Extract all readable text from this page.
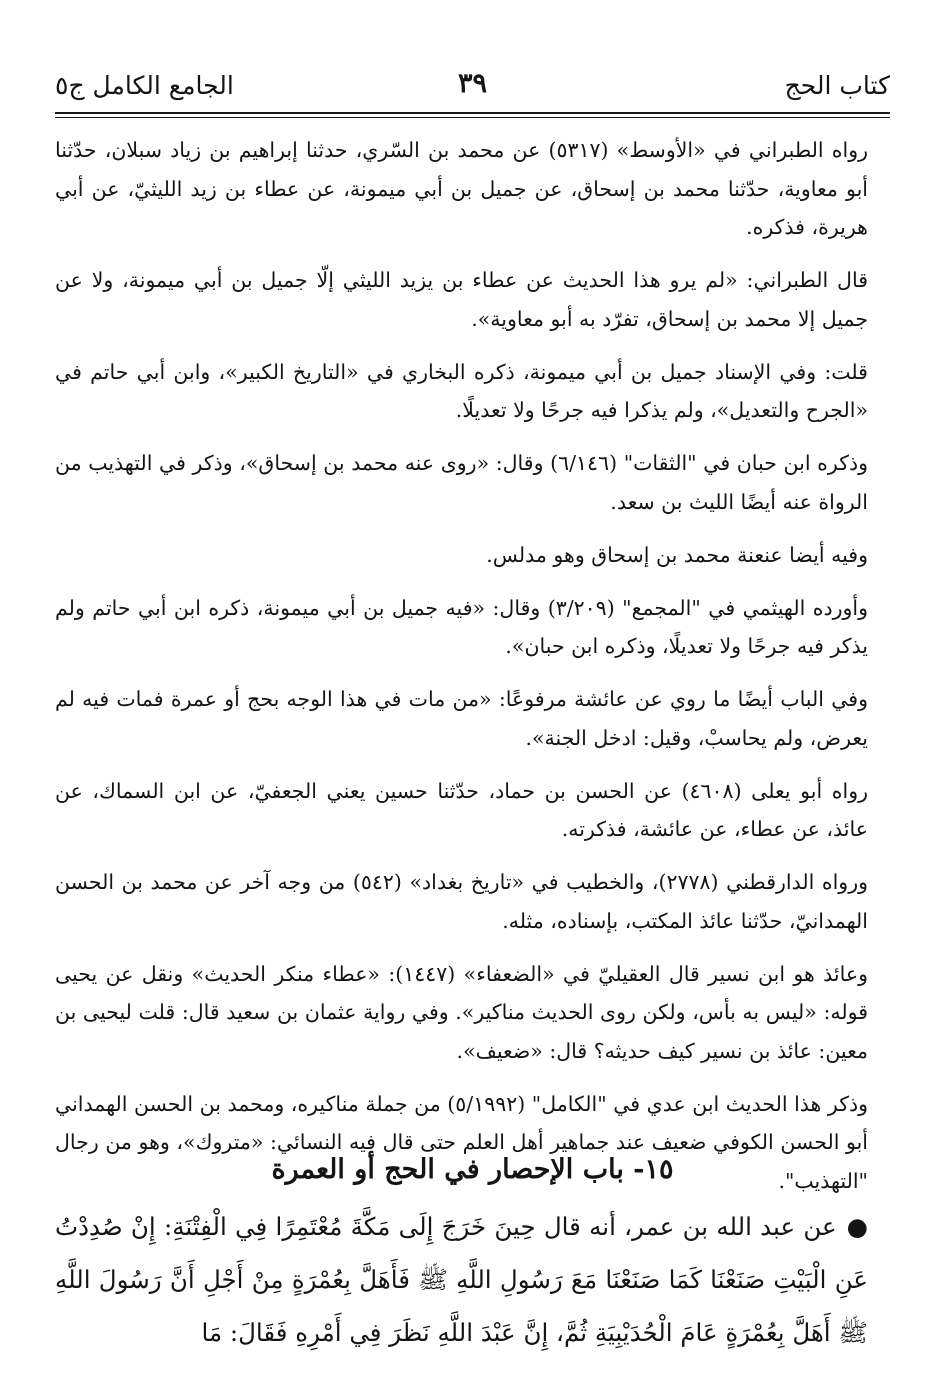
كتاب الحج
٣٩
الجامع الكامل ج٥

رواه الطبراني في «الأوسط» (٥٣١٧) عن محمد بن السّري، حدثنا إبراهيم بن زياد سبلان، حدّثنا أبو معاوية، حدّثنا محمد بن إسحاق، عن جميل بن أبي ميمونة، عن عطاء بن زيد الليثيّ، عن أبي هريرة، فذكره.

قال الطبراني: «لم يرو هذا الحديث عن عطاء بن يزيد الليثي إلّا جميل بن أبي ميمونة، ولا عن جميل إلا محمد بن إسحاق، تفرّد به أبو معاوية».

قلت: وفي الإسناد جميل بن أبي ميمونة، ذكره البخاري في «التاريخ الكبير»، وابن أبي حاتم في «الجرح والتعديل»، ولم يذكرا فيه جرحًا ولا تعديلًا.

وذكره ابن حبان في "الثقات" (٦/١٤٦) وقال: «روى عنه محمد بن إسحاق»، وذكر في التهذيب من الرواة عنه أيضًا الليث بن سعد.

وفيه أيضا عنعنة محمد بن إسحاق وهو مدلس.

وأورده الهيثمي في "المجمع" (٣/٢٠٩) وقال: «فيه جميل بن أبي ميمونة، ذكره ابن أبي حاتم ولم يذكر فيه جرحًا ولا تعديلًا، وذكره ابن حبان».

وفي الباب أيضًا ما روي عن عائشة مرفوعًا: «من مات في هذا الوجه بحج أو عمرة فمات فيه لم يعرض، ولم يحاسبْ، وقيل: ادخل الجنة».

رواه أبو يعلى (٤٦٠٨) عن الحسن بن حماد، حدّثنا حسين يعني الجعفيّ، عن ابن السماك، عن عائذ، عن عطاء، عن عائشة، فذكرته.

ورواه الدارقطني (٢٧٧٨)، والخطيب في «تاريخ بغداد» (٥٤٢) من وجه آخر عن محمد بن الحسن الهمدانيّ، حدّثنا عائذ المكتب، بإسناده، مثله.

وعائذ هو ابن نسير قال العقيليّ في «الضعفاء» (١٤٤٧): «عطاء منكر الحديث» ونقل عن يحيى قوله: «ليس به بأس، ولكن روى الحديث مناكير». وفي رواية عثمان بن سعيد قال: قلت ليحيى بن معين: عائذ بن نسير كيف حديثه؟ قال: «ضعيف».

وذكر هذا الحديث ابن عدي في "الكامل" (٥/١٩٩٢) من جملة مناكيره، ومحمد بن الحسن الهمداني أبو الحسن الكوفي ضعيف عند جماهير أهل العلم حتى قال فيه النسائي: «متروك»، وهو من رجال "التهذيب".

١٥- باب الإحصار في الحج أو العمرة
●عن عبد الله بن عمر، أنه قال حِينَ خَرَجَ إِلَى مَكَّةَ مُعْتَمِرًا فِي الْفِتْنَةِ: إِنْ صُدِدْتُ عَنِ الْبَيْتِ صَنَعْنَا كَمَا صَنَعْنَا مَعَ رَسُولِ اللَّهِ ﷺ فَأَهَلَّ بِعُمْرَةٍ مِنْ أَجْلِ أَنَّ رَسُولَ اللَّهِ ﷺ أَهَلَّ بِعُمْرَةٍ عَامَ الْحُدَيْبِيَةِ ثُمَّ، إِنَّ عَبْدَ اللَّهِ نَظَرَ فِي أَمْرِهِ فَقَالَ: مَا
